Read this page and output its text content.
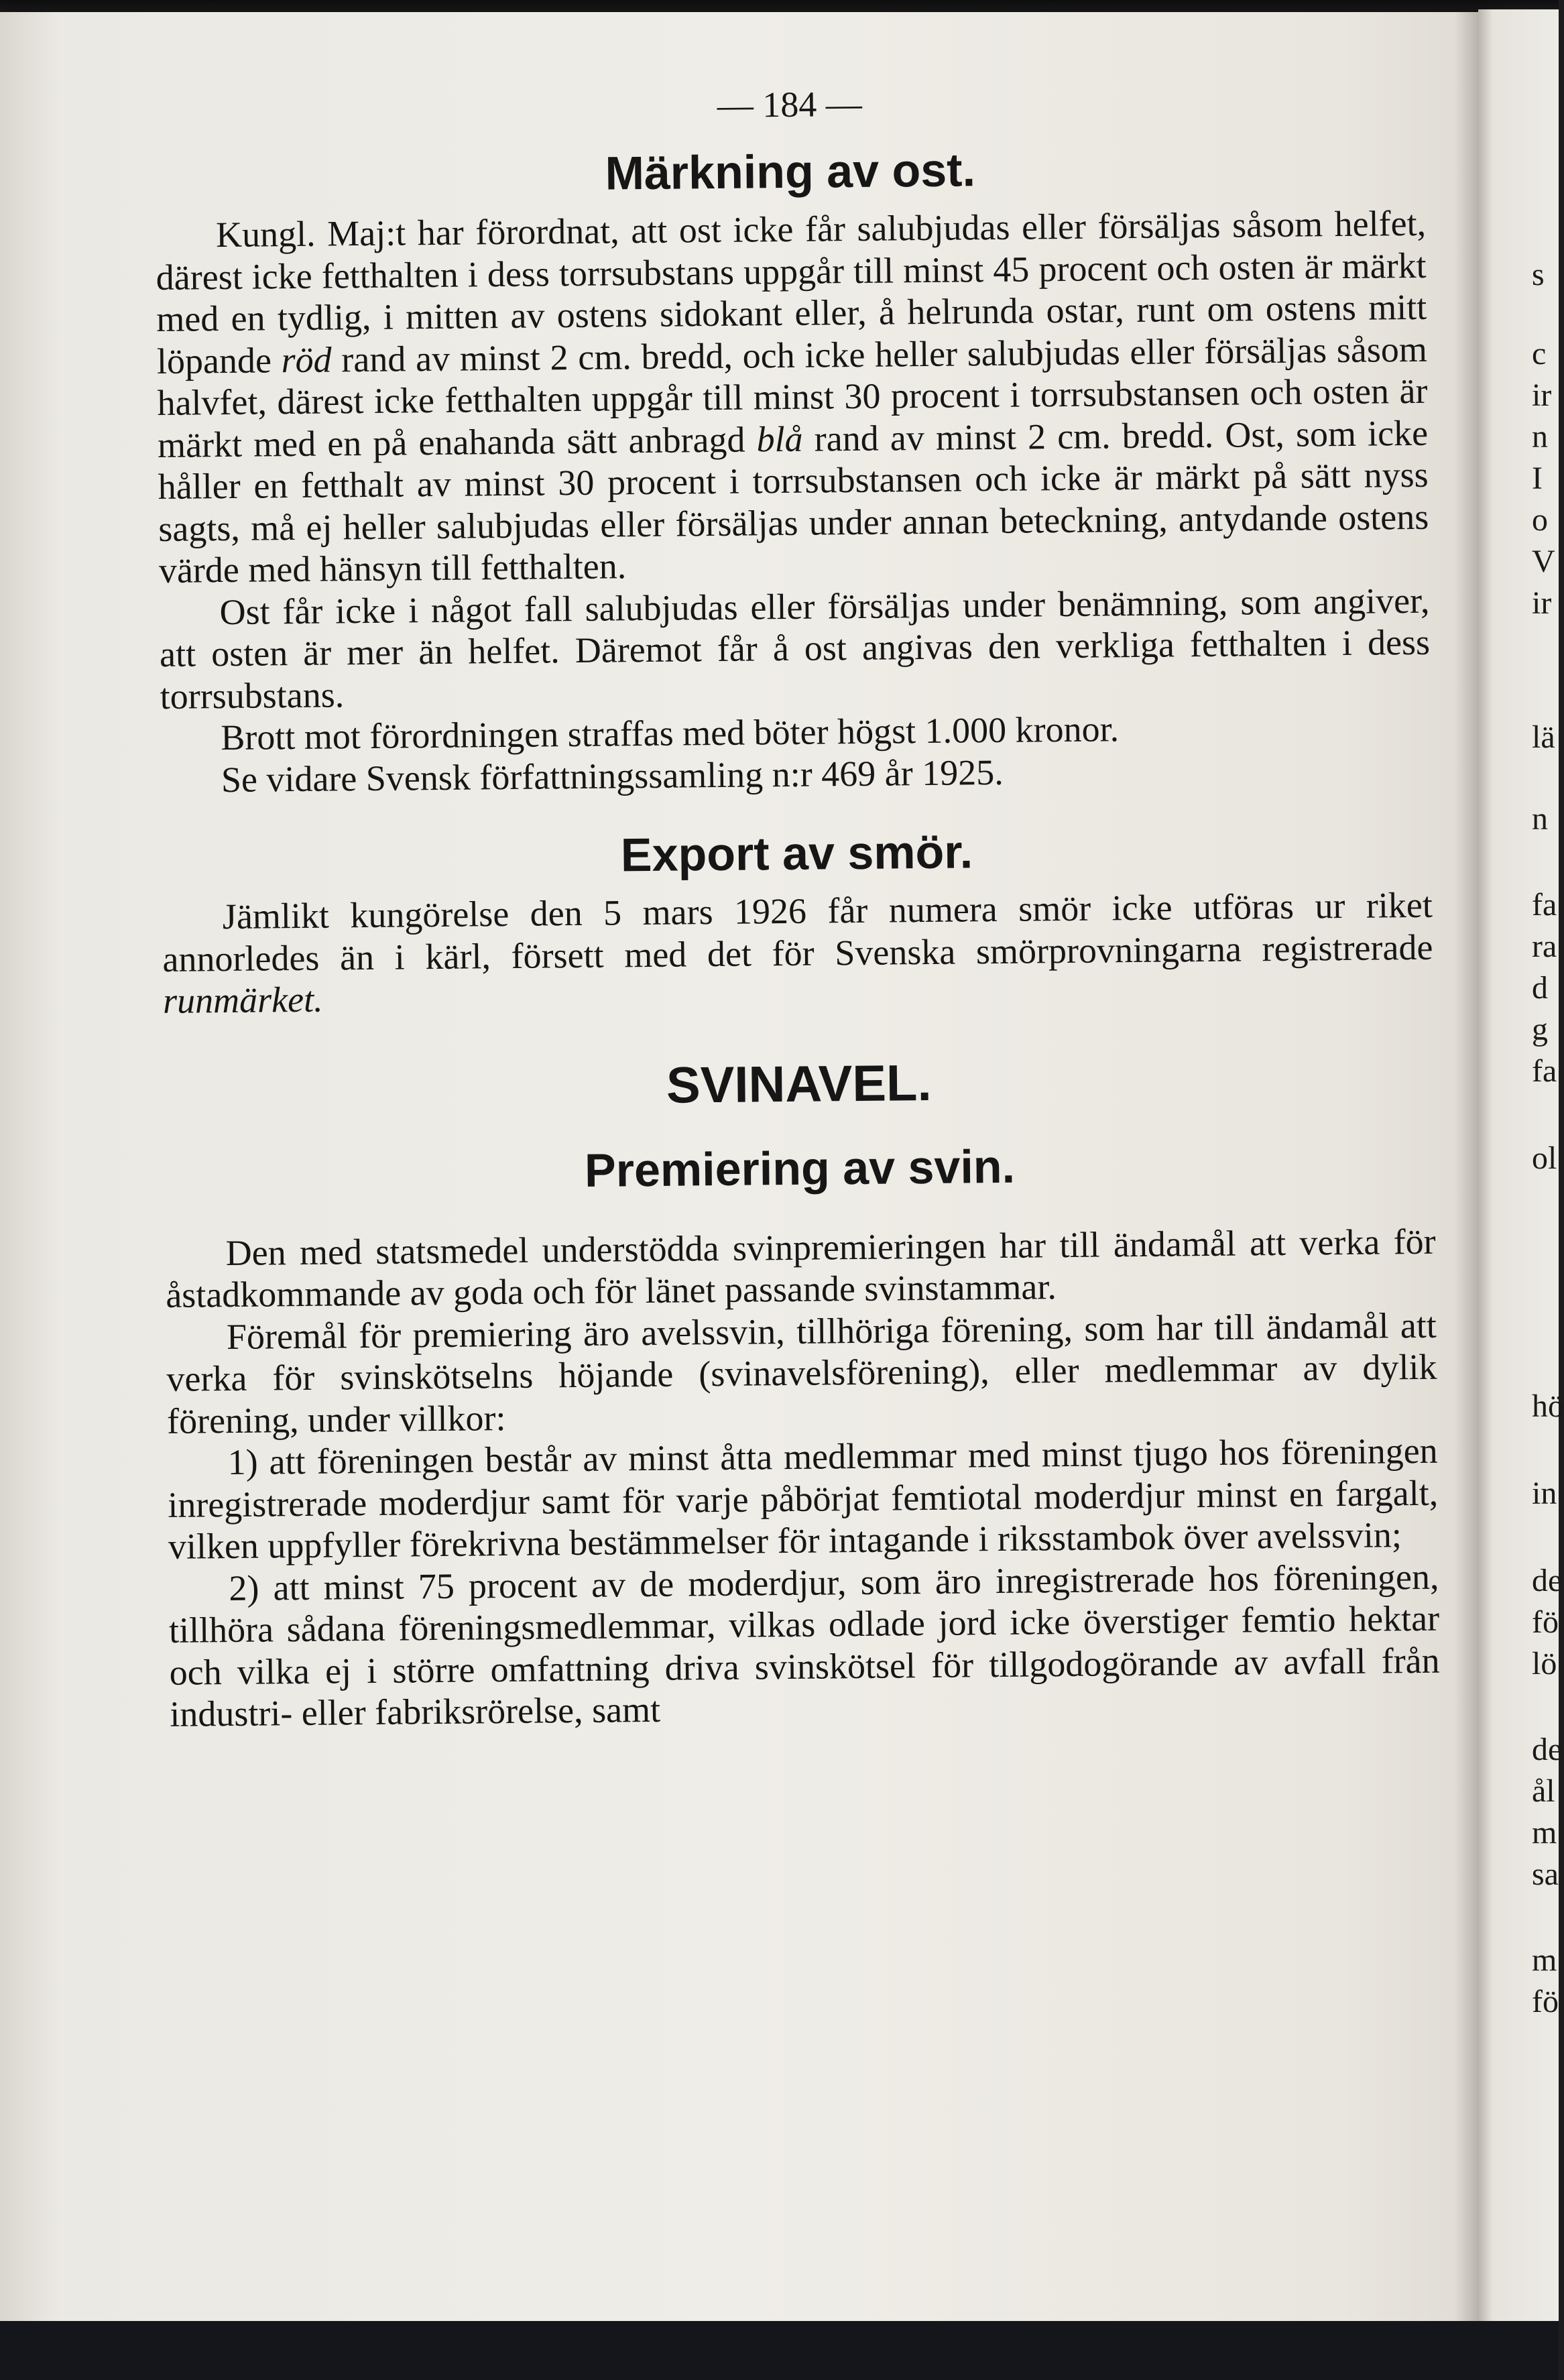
s
c
ir
n
I
o
V
ir
lä
n
fa
ra
d
g
fa
ol
hö
in
de
fö
lö
de
ål
m
sa
m
fö
— 184 —
Märkning av ost.

Kungl. Maj:t har förordnat, att ost icke får salubjudas eller försäljas såsom helfet, därest icke fetthalten i dess torrsubstans uppgår till minst 45 procent och osten är märkt med en tydlig, i mitten av ostens sidokant eller, å helrunda ostar, runt om ostens mitt löpande röd rand av minst 2 cm. bredd, och icke heller salubjudas eller försäljas såsom halvfet, därest icke fetthalten uppgår till minst 30 procent i torrsubstansen och osten är märkt med en på enahanda sätt anbragd blå rand av minst 2 cm. bredd. Ost, som icke håller en fetthalt av minst 30 procent i torrsubstansen och icke är märkt på sätt nyss sagts, må ej heller salubjudas eller försäljas under annan beteckning, antydande ostens värde med hänsyn till fetthalten.

Ost får icke i något fall salubjudas eller försäljas under benämning, som angiver, att osten är mer än helfet. Däremot får å ost angivas den verkliga fetthalten i dess torrsubstans.

Brott mot förordningen straffas med böter högst 1.000 kronor.

Se vidare Svensk författningssamling n:r 469 år 1925.

Export av smör.

Jämlikt kungörelse den 5 mars 1926 får numera smör icke utföras ur riket annorledes än i kärl, försett med det för Svenska smörprovningarna registrerade runmärket.

SVINAVEL.
Premiering av svin.

Den med statsmedel understödda svinpremieringen har till ändamål att verka för åstadkommande av goda och för länet passande svinstammar.

Föremål för premiering äro avelssvin, tillhöriga förening, som har till ändamål att verka för svinskötselns höjande (svinavelsförening), eller medlemmar av dylik förening, under villkor:

1) att föreningen består av minst åtta medlemmar med minst tjugo hos föreningen inregistrerade moderdjur samt för varje påbörjat femtiotal moderdjur minst en fargalt, vilken uppfyller förekrivna bestämmelser för intagande i riksstambok över avelssvin;

2) att minst 75 procent av de moderdjur, som äro inregistrerade hos föreningen, tillhöra sådana föreningsmedlemmar, vilkas odlade jord icke överstiger femtio hektar och vilka ej i större omfattning driva svinskötsel för tillgodogörande av avfall från industri- eller fabriksrörelse, samt
